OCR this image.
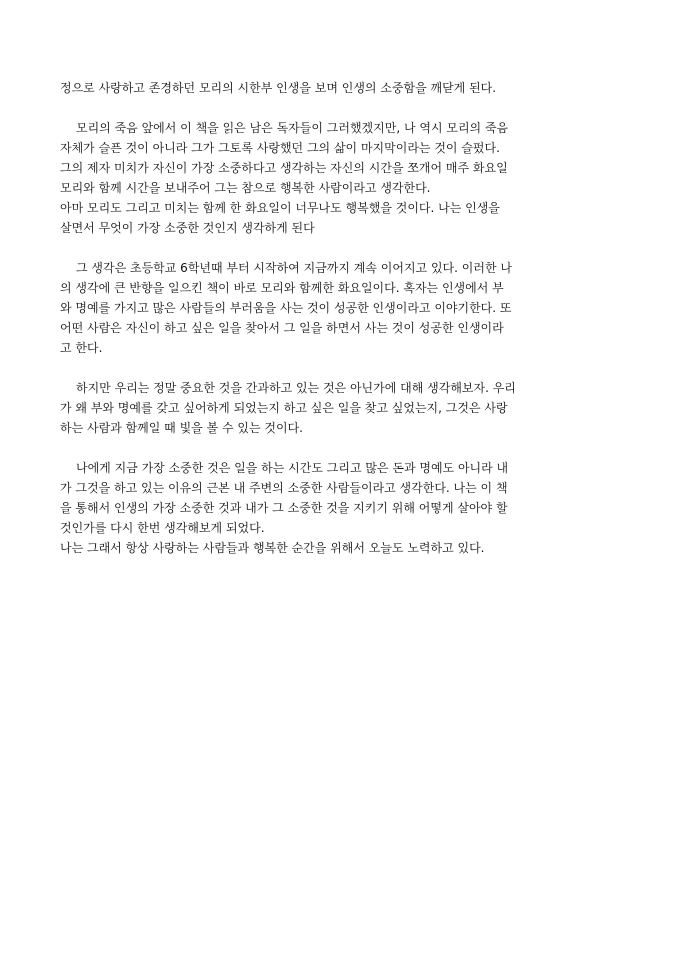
정으로 사랑하고 존경하던 모리의 시한부 인생을 보며 인생의 소중함을 깨닫게 된다.
모리의 죽음 앞에서 이 책을 읽은 남은 독자들이 그러했겠지만, 나 역시 모리의 죽음
자체가 슬픈 것이 아니라 그가 그토록 사랑했던 그의 삶이 마지막이라는 것이 슬펐다.
그의 제자 미치가 자신이 가장 소중하다고 생각하는 자신의 시간을 쪼개어 매주 화요일
모리와 함께 시간을 보내주어 그는 참으로 행복한 사람이라고 생각한다.
아마 모리도 그리고 미치는 함께 한 화요일이 너무나도 행복했을 것이다. 나는 인생을
살면서 무엇이 가장 소중한 것인지 생각하게 된다
그 생각은 초등학교 6학년때 부터 시작하여 지금까지 계속 이어지고 있다. 이러한 나
의 생각에 큰 반향을 일으킨 책이 바로 모리와 함께한 화요일이다. 혹자는 인생에서 부
와 명예를 가지고 많은 사람들의 부러움을 사는 것이 성공한 인생이라고 이야기한다. 또
어떤 사람은 자신이 하고 싶은 일을 찾아서 그 일을 하면서 사는 것이 성공한 인생이라
고 한다.
하지만 우리는 정말 중요한 것을 간과하고 있는 것은 아닌가에 대해 생각해보자. 우리
가 왜 부와 명예를 갖고 싶어하게 되었는지 하고 싶은 일을 찾고 싶었는지, 그것은 사랑
하는 사람과 함께일 때 빛을 볼 수 있는 것이다.
나에게 지금 가장 소중한 것은 일을 하는 시간도 그리고 많은 돈과 명예도 아니라 내
가 그것을 하고 있는 이유의 근본 내 주변의 소중한 사람들이라고 생각한다. 나는 이 책
을 통해서 인생의 가장 소중한 것과 내가 그 소중한 것을 지키기 위해 어떻게 살아야 할
것인가를 다시 한번 생각해보게 되었다.
나는 그래서 항상 사랑하는 사람들과 행복한 순간을 위해서 오늘도 노력하고 있다.
